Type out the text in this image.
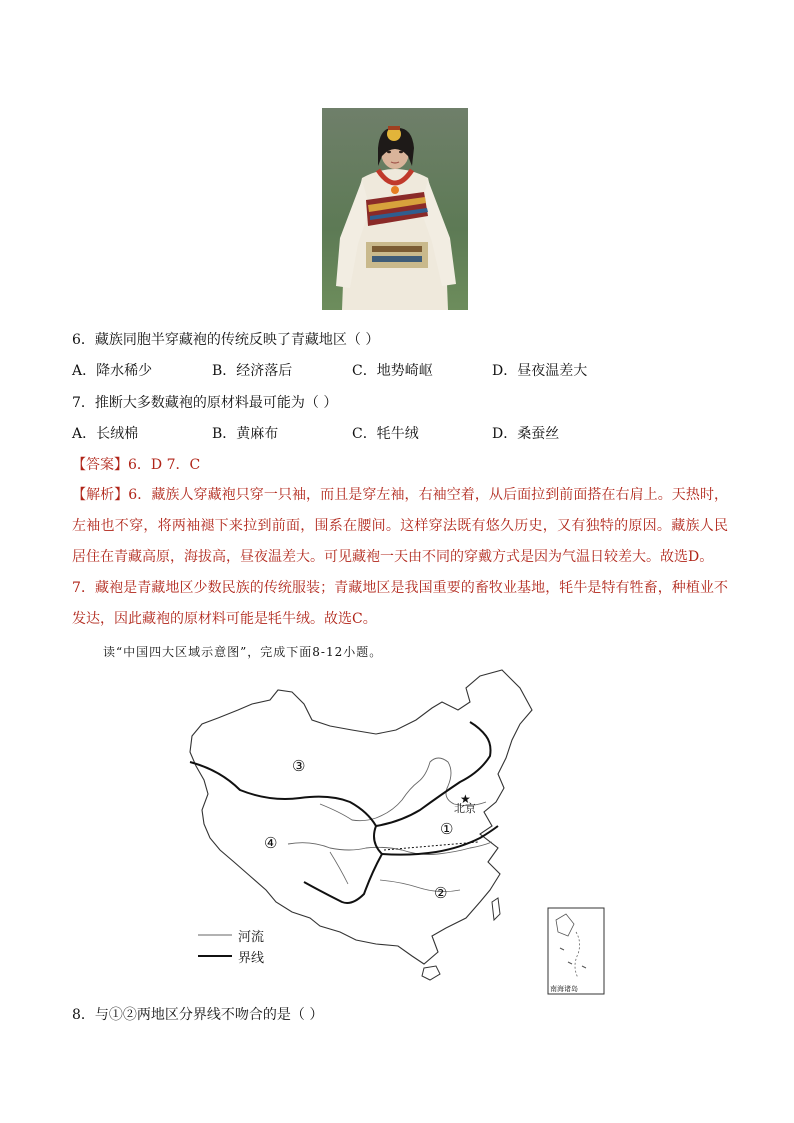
6．藏族同胞半穿藏袍的传统反映了青藏地区（ ）
A．降水稀少	B．经济落后	C．地势崎岖	D．昼夜温差大
7．推断大多数藏袍的原材料最可能为（ ）
A．长绒棉	B．黄麻布	C．牦牛绒	D．桑蚕丝
【答案】6．D 7．C
【解析】6．藏族人穿藏袍只穿一只袖，而且是穿左袖，右袖空着，从后面拉到前面搭在右肩上。天热时，左袖也不穿，将两袖褪下来拉到前面，围系在腰间。这样穿法既有悠久历史，又有独特的原因。藏族人民居住在青藏高原，海拔高，昼夜温差大。可见藏袍一天由不同的穿戴方式是因为气温日较差大。故选D。
7．藏袍是青藏地区少数民族的传统服装；青藏地区是我国重要的畜牧业基地，牦牛是特有牲畜，种植业不发达，因此藏袍的原材料可能是牦牛绒。故选C。
读“中国四大区域示意图”，完成下面8-12小题。
★
③
④
①
②
北京
河流
界线
南海诸岛
8．与①②两地区分界线不吻合的是（ ）
